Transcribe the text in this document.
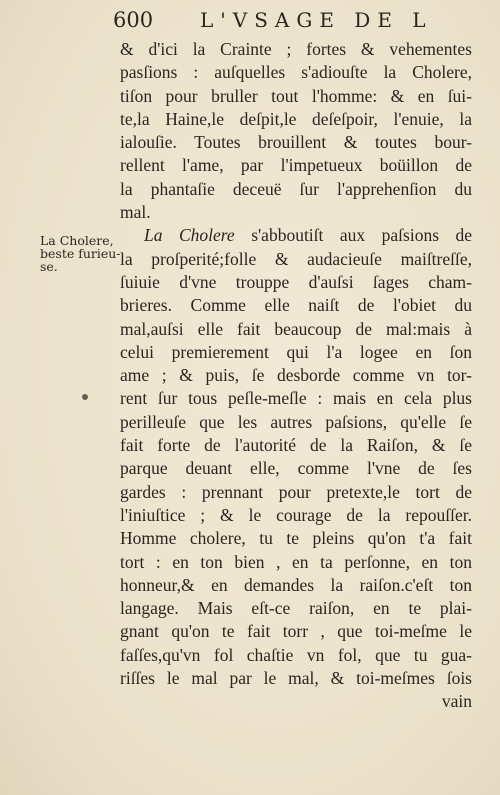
600 L'VSAGE DE L
La Cholere,
beste furieu-
se.
& d'ici la Crainte ; fortes & vehementes
pasſions : auſquelles s'adiouſte la Cholere,
tiſon pour bruller tout l'homme: & en ſui-
te,la Haine,le deſpit,le deſeſpoir, l'enuie, la
ialouſie. Toutes brouillent & toutes bour-
rellent l'ame, par l'impetueux boüillon de
la phantaſie deceuë ſur l'apprehenſion du
mal.
La Cholere s'abboutiſt aux paſsions de
la proſperité;folle & audacieuſe maiſtreſſe,
ſuiuie d'vne trouppe d'auſsi ſages cham-
brieres. Comme elle naiſt de l'obiet du
mal,auſsi elle fait beaucoup de mal:mais à
celui premierement qui l'a logee en ſon
ame ; & puis, ſe desborde comme vn tor-
rent ſur tous peſle-meſle : mais en cela plus
perilleuſe que les autres paſsions, qu'elle ſe
fait forte de l'autorité de la Raiſon, & ſe
parque deuant elle, comme l'vne de ſes
gardes : prennant pour pretexte,le tort de
l'iniuſtice ; & le courage de la repouſſer.
Homme cholere, tu te pleins qu'on t'a fait
tort : en ton bien , en ta perſonne, en ton
honneur,& en demandes la raiſon.c'eſt ton
langage. Mais eſt-ce raiſon, en te plai-
gnant qu'on te fait torr , que toi-meſme le
faſſes,qu'vn fol chaſtie vn fol, que tu gua-
riſſes le mal par le mal, & toi-meſmes ſois
vain
